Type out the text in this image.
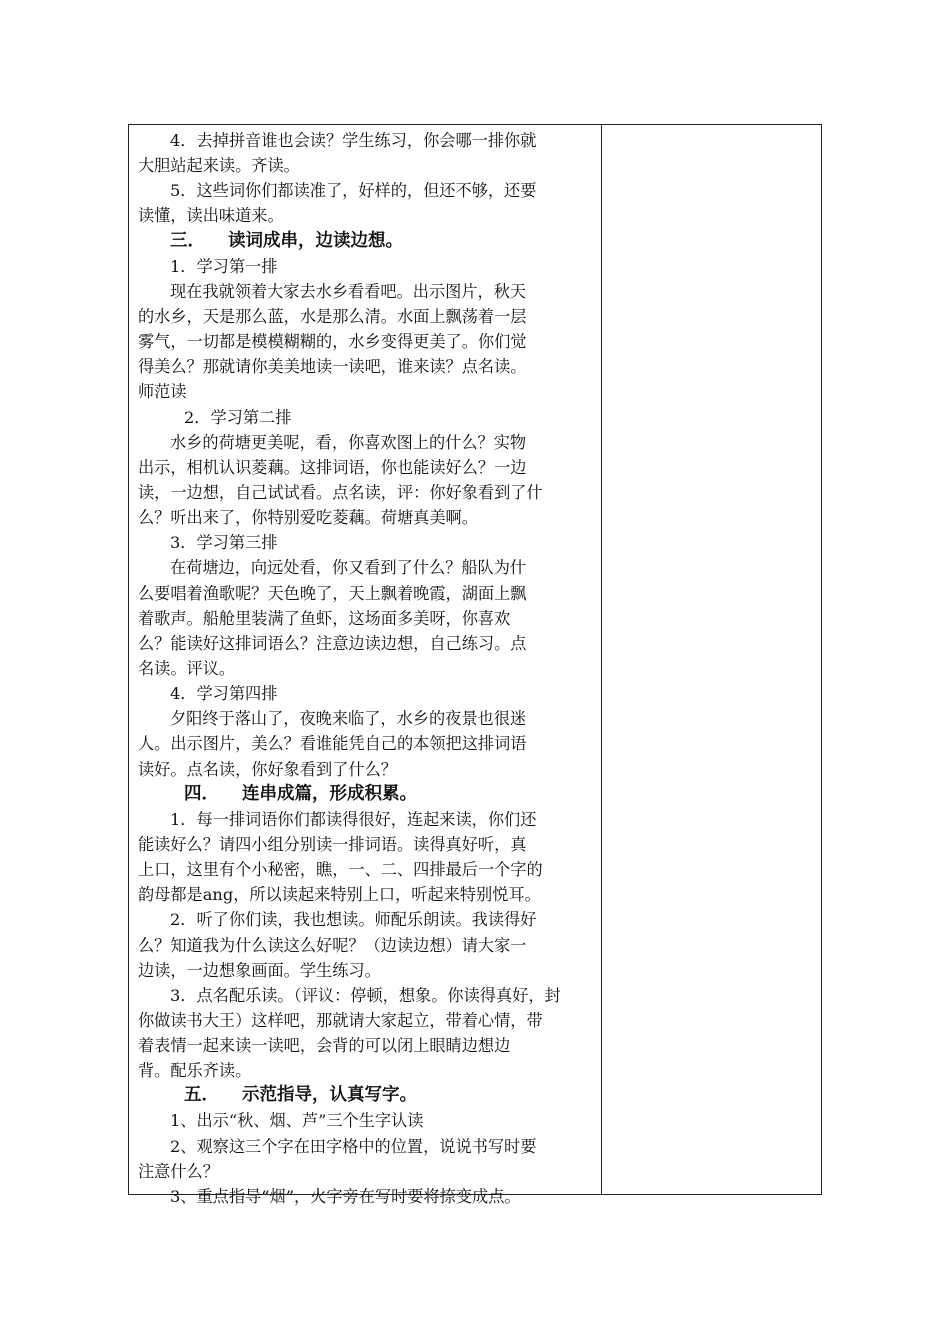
4．去掉拼音谁也会读？学生练习，你会哪一排你就
大胆站起来读。齐读。
5．这些词你们都读准了，好样的，但还不够，还要
读懂，读出味道来。
三． 读词成串，边读边想。
1．学习第一排
现在我就领着大家去水乡看看吧。出示图片，秋天
的水乡，天是那么蓝，水是那么清。水面上飘荡着一层
雾气，一切都是模模糊糊的，水乡变得更美了。你们觉
得美么？那就请你美美地读一读吧，谁来读？点名读。
师范读
2．学习第二排
水乡的荷塘更美呢，看，你喜欢图上的什么？实物
出示，相机认识菱藕。这排词语，你也能读好么？一边
读，一边想，自己试试看。点名读，评：你好象看到了什
么？听出来了，你特别爱吃菱藕。荷塘真美啊。
3．学习第三排
在荷塘边，向远处看，你又看到了什么？船队为什
么要唱着渔歌呢？天色晚了，天上飘着晚霞，湖面上飘
着歌声。船舱里装满了鱼虾，这场面多美呀，你喜欢
么？能读好这排词语么？注意边读边想，自己练习。点
名读。评议。
4．学习第四排
夕阳终于落山了，夜晚来临了，水乡的夜景也很迷
人。出示图片，美么？看谁能凭自己的本领把这排词语
读好。点名读，你好象看到了什么？
四． 连串成篇，形成积累。
1．每一排词语你们都读得很好，连起来读，你们还
能读好么？请四小组分别读一排词语。读得真好听，真
上口，这里有个小秘密，瞧，一、二、四排最后一个字的
韵母都是ang，所以读起来特别上口，听起来特别悦耳。
2．听了你们读，我也想读。师配乐朗读。我读得好
么？知道我为什么读这么好呢？（边读边想）请大家一
边读，一边想象画面。学生练习。
3．点名配乐读。（评议：停顿，想象。你读得真好，封
你做读书大王）这样吧，那就请大家起立，带着心情，带
着表情一起来读一读吧，会背的可以闭上眼睛边想边
背。配乐齐读。
五． 示范指导，认真写字。
1、出示“秋、烟、芦”三个生字认读
2、观察这三个字在田字格中的位置，说说书写时要
注意什么？
3、重点指导“烟”，火字旁在写时要将捺变成点。
